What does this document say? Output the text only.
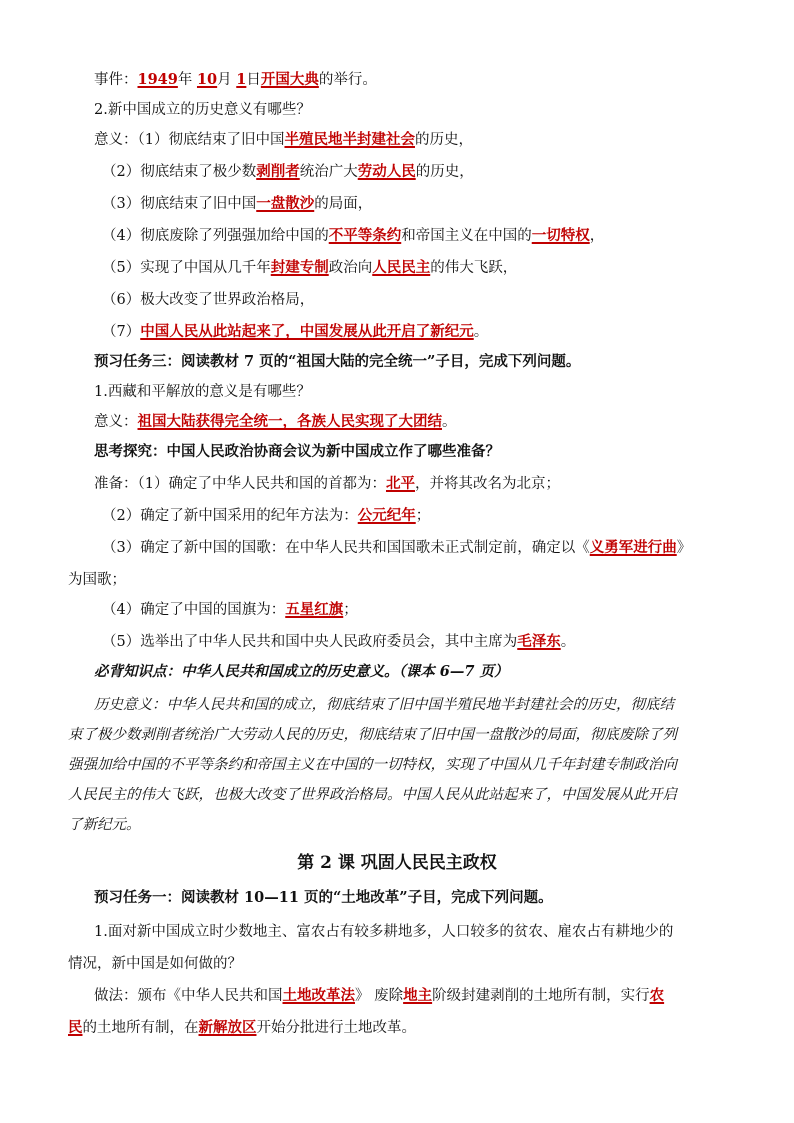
事件：1949年 10月 1日开国大典的举行。
2.新中国成立的历史意义有哪些？
意义：（1）彻底结束了旧中国半殖民地半封建社会的历史，
（2）彻底结束了极少数剥削者统治广大劳动人民的历史，
（3）彻底结束了旧中国一盘散沙的局面，
（4）彻底废除了列强强加给中国的不平等条约和帝国主义在中国的一切特权，
（5）实现了中国从几千年封建专制政治向人民民主的伟大飞跃，
（6）极大改变了世界政治格局，
（7）中国人民从此站起来了，中国发展从此开启了新纪元。
预习任务三：阅读教材 7 页的“祖国大陆的完全统一”子目，完成下列问题。
1.西藏和平解放的意义是有哪些？
意义：祖国大陆获得完全统一，各族人民实现了大团结。
思考探究：中国人民政治协商会议为新中国成立作了哪些准备？
准备：（1）确定了中华人民共和国的首都为：北平，并将其改名为北京；
（2）确定了新中国采用的纪年方法为：公元纪年；
（3）确定了新中国的国歌：在中华人民共和国国歌未正式制定前，确定以《义勇军进行曲》
为国歌；
（4）确定了中国的国旗为：五星红旗；
（5）选举出了中华人民共和国中央人民政府委员会，其中主席为毛泽东。
必背知识点：中华人民共和国成立的历史意义。（课本 6—7 页）
历史意义：中华人民共和国的成立，彻底结束了旧中国半殖民地半封建社会的历史，彻底结
束了极少数剥削者统治广大劳动人民的历史，彻底结束了旧中国一盘散沙的局面，彻底废除了列
强强加给中国的不平等条约和帝国主义在中国的一切特权，实现了中国从几千年封建专制政治向
人民民主的伟大飞跃，也极大改变了世界政治格局。中国人民从此站起来了，中国发展从此开启
了新纪元。
第 2 课 巩固人民民主政权
预习任务一：阅读教材 10—11 页的“土地改革”子目，完成下列问题。
1.面对新中国成立时少数地主、富农占有较多耕地多，人口较多的贫农、雇农占有耕地少的
情况，新中国是如何做的？
做法：颁布《中华人民共和国土地改革法》 废除地主阶级封建剥削的土地所有制，实行农
民的土地所有制，在新解放区开始分批进行土地改革。
